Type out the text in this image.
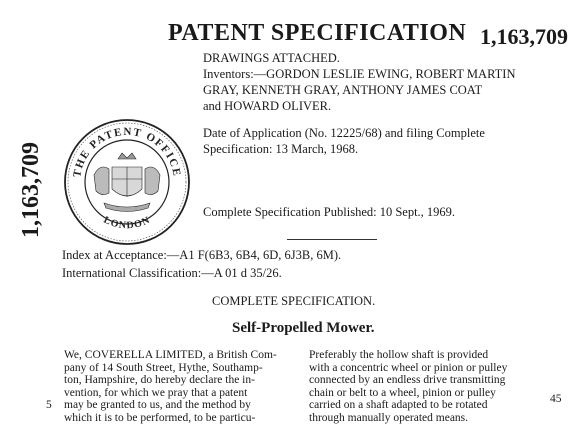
PATENT SPECIFICATION 1,163,709
1,163,709
DRAWINGS ATTACHED.
Inventors:—GORDON LESLIE EWING, ROBERT MARTIN
GRAY, KENNETH GRAY, ANTHONY JAMES COAT
and HOWARD OLIVER.
Date of Application (No. 12225/68) and filing Complete
Specification: 13 March, 1968.
Complete Specification Published: 10 Sept., 1969.
THE PATENT OFFICE
LONDON
Index at Acceptance:—A1 F(6B3, 6B4, 6D, 6J3B, 6M).
International Classification:—A 01 d 35/26.
COMPLETE SPECIFICATION.
Self-Propelled Mower.
We, COVERELLA LIMITED, a British Com-
pany of 14 South Street, Hythe, Southamp-
ton, Hampshire, do hereby declare the in-
vention, for which we pray that a patent
may be granted to us, and the method by
which it is to be performed, to be particu-
Preferably the hollow shaft is provided
with a concentric wheel or pinion or pulley
connected by an endless drive transmitting
chain or belt to a wheel, pinion or pulley
carried on a shaft adapted to be rotated
through manually operated means.
5	45
